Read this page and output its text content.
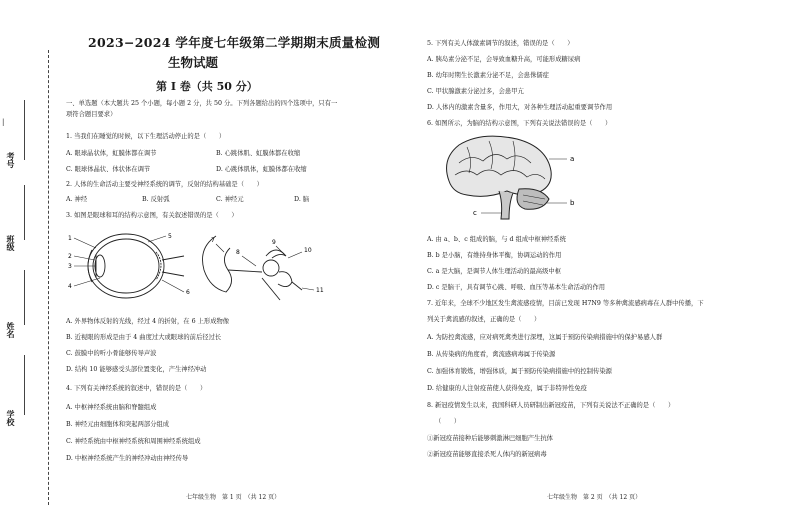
考号
班级
姓名
学校
|
2023−2024 学年度七年级第二学期期末质量检测
生物试题
第 I 卷（共 50 分）
一、单选题（本大题共 25 个小题，每小题 2 分，共 50 分。下列各题给出的四个选项中，只有一
项符合题目要求）
1. 当我们在睡觉的时候，以下生理活动停止的是（　　）
A. 眼球晶状体，虹膜体都在调节	B. 心跳体肌、虹膜体都在收缩
C. 眼球体晶状、体状体在调节	D. 心跳体肌体，虹膜体都在收缩
2. 人体的生命活动主要受神经系统的调节，反射的结构基础是（　　）
A. 神经	B. 反射弧	C. 神经元	D. 脑
3. 如图是眼球和耳的结构示意图，有关叙述错误的是（　　）
1
2
3
4
5
6
7
8
9
10
11
A. 外界物体反射的光线，经过 4 的折射，在 6 上形成物像
B. 近视眼的形成是由于 4 曲度过大或眼球的前后径过长
C. 鼓膜中的听小骨能够传导声波
D. 结构 10 能够感受头部位置变化，产生神经冲动
4. 下列有关神经系统的叙述中，错误的是（　　）
A. 中枢神经系统由脑和脊髓组成
B. 神经元由细胞体和突起两部分组成
C. 神经系统由中枢神经系统和周围神经系统组成
D. 中枢神经系统产生的神经冲动由神经传导
七年级生物　第 1 页　（共 12 页）
5. 下列有关人体激素调节的叙述，错误的是（　　）
A. 胰岛素分泌不足，会导致血糖升高，可能形成糖尿病
B. 幼年时期生长激素分泌不足，会患侏儒症
C. 甲状腺激素分泌过多，会患甲亢
D. 人体内的激素含量多，作用大，对各种生理活动起重要调节作用
6. 如图所示，为脑的结构示意图，下列有关说法错误的是（　　）
a
b
c
A. 由 a、b、c 组成的脑，与 d 组成中枢神经系统
B. b 是小脑，有维持身体平衡，协调运动的作用
C. a 是大脑，是调节人体生理活动的最高级中枢
D. c 是脑干，具有调节心跳、呼吸、血压等基本生命活动的作用
7. 近年来，全球不少地区发生禽流感疫情，目前已发现 H7N9 等多种禽流感病毒在人群中传播，下
列关于禽流感的叙述，正确的是（　　）
A. 为防控禽流感，应对病死禽类进行深埋，这属于预防传染病措施中的保护易感人群
B. 从传染病的角度看，禽流感病毒属于传染源
C. 加强体育锻炼，增强体质，属于预防传染病措施中的控制传染源
D. 给健康的人注射疫苗使人获得免疫，属于非特异性免疫
8. 新冠疫情发生以来，我国科研人员研制出新冠疫苗，下列有关说法不正确的是（　　）
（　　）
①新冠疫苗接种后能够刺激淋巴细胞产生抗体
②新冠疫苗能够直接杀死人体内的新冠病毒
七年级生物　第 2 页　（共 12 页）
